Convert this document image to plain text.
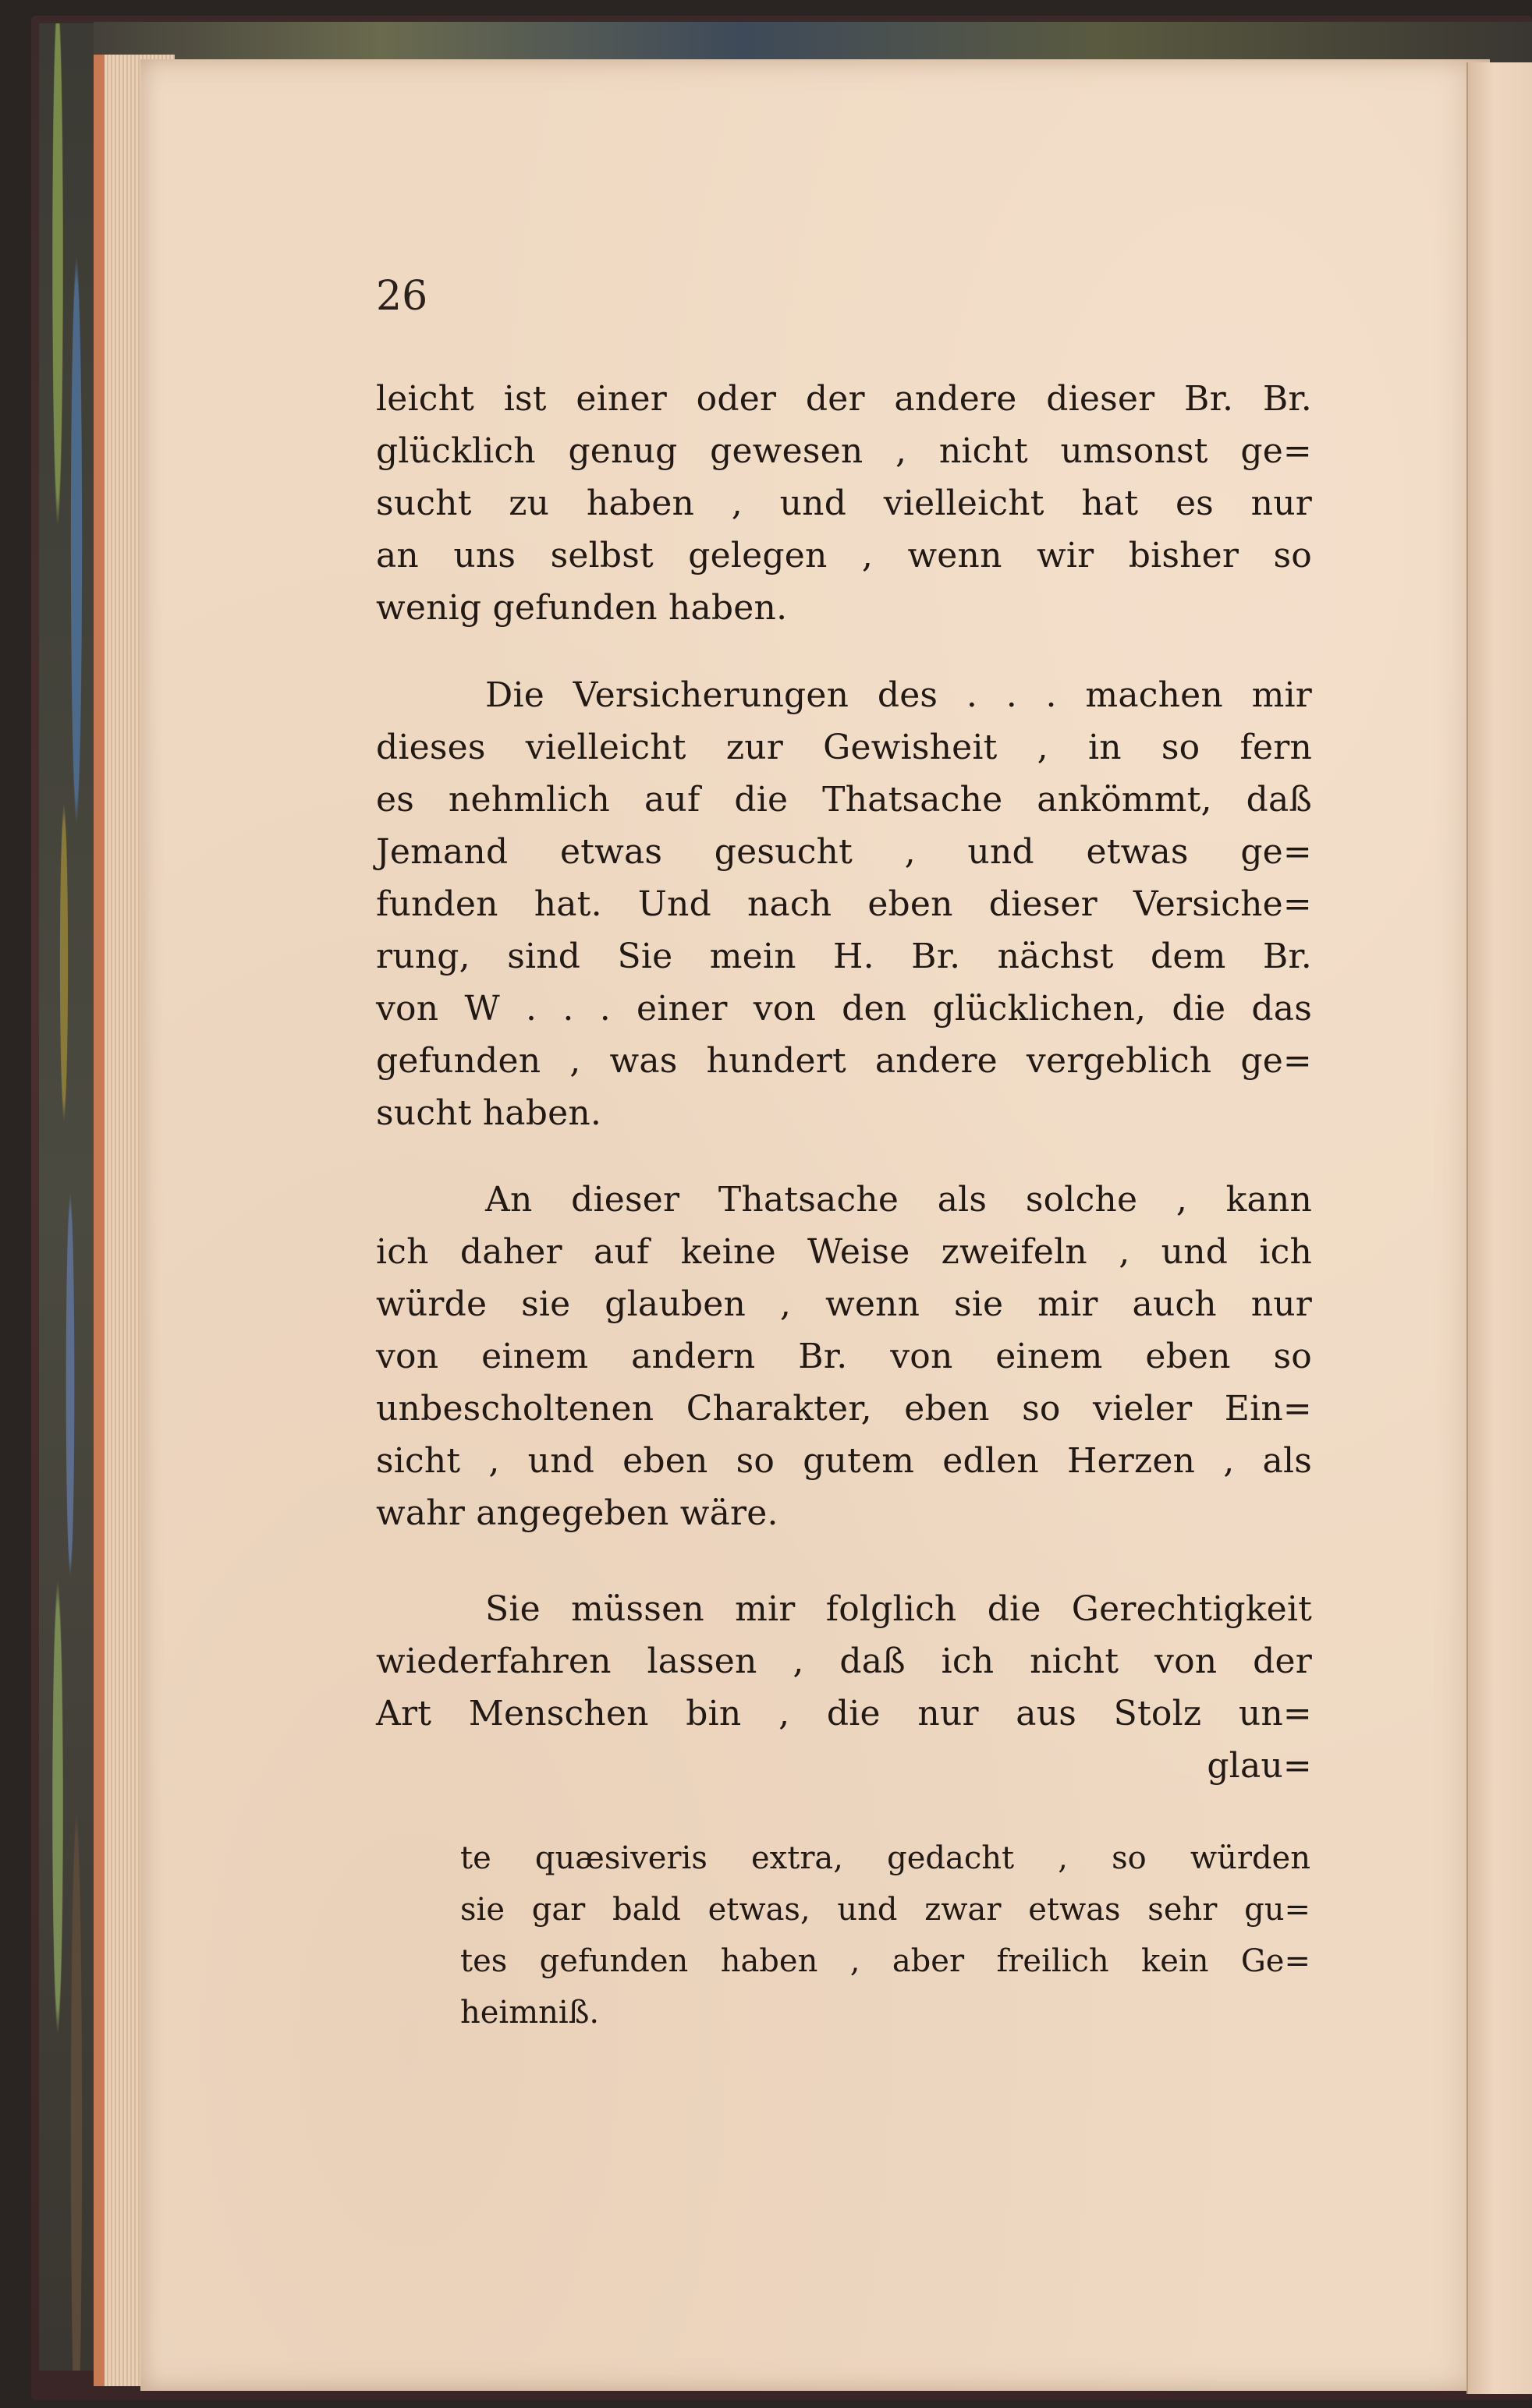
26
leicht ist einer oder der andere dieser Br. Br.
glücklich genug gewesen , nicht umsonst ge=
sucht zu haben , und vielleicht hat es nur
an uns selbst gelegen , wenn wir bisher so
wenig gefunden haben.
Die Versicherungen des . . . machen mir
dieses vielleicht zur Gewisheit , in so fern
es nehmlich auf die Thatsache ankömmt, daß
Jemand etwas gesucht , und etwas ge=
funden hat. Und nach eben dieser Versiche=
rung, sind Sie mein H. Br. nächst dem Br.
von W . . . einer von den glücklichen, die das
gefunden , was hundert andere vergeblich ge=
sucht haben.
An dieser Thatsache als solche , kann
ich daher auf keine Weise zweifeln , und ich
würde sie glauben , wenn sie mir auch nur
von einem andern Br. von einem eben so
unbescholtenen Charakter, eben so vieler Ein=
sicht , und eben so gutem edlen Herzen , als
wahr angegeben wäre.
Sie müssen mir folglich die Gerechtigkeit
wiederfahren lassen , daß ich nicht von der
Art Menschen bin , die nur aus Stolz un=
glau=
te quæsiveris extra, gedacht , so würden
sie gar bald etwas, und zwar etwas sehr gu=
tes gefunden haben , aber freilich kein Ge=
heimniß.
